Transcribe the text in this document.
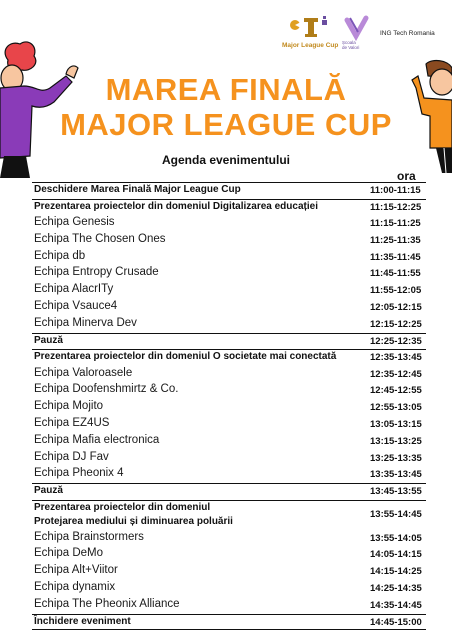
Major League Cup Școala
de Valori
ING Tech Romania
MAREA FINALĂ
MAJOR LEAGUE CUP
Agenda evenimentului
ora
Deschidere Marea Finală Major League Cup	11:00-11:15
Prezentarea proiectelor din domeniul Digitalizarea educației	11:15-12:25
Echipa Genesis	11:15-11:25
Echipa The Chosen Ones	11:25-11:35
Echipa db	11:35-11:45
Echipa Entropy Crusade	11:45-11:55
Echipa AlacrITy	11:55-12:05
Echipa Vsauce4	12:05-12:15
Echipa Minerva Dev	12:15-12:25
Pauză	12:25-12:35
Prezentarea proiectelor din domeniul O societate mai conectată	12:35-13:45
Echipa Valoroasele	12:35-12:45
Echipa Doofenshmirtz & Co.	12:45-12:55
Echipa Mojito	12:55-13:05
Echipa EZ4US	13:05-13:15
Echipa Mafia electronica	13:15-13:25
Echipa DJ Fav	13:25-13:35
Echipa Pheonix 4	13:35-13:45
Pauză	13:45-13:55
Prezentarea proiectelor din domeniul
Protejarea mediului și diminuarea poluării
13:55-14:45
Echipa Brainstormers	13:55-14:05
Echipa DeMo	14:05-14:15
Echipa Alt+Viitor	14:15-14:25
Echipa dynamix	14:25-14:35
Echipa The Pheonix Alliance	14:35-14:45
Închidere eveniment	14:45-15:00
